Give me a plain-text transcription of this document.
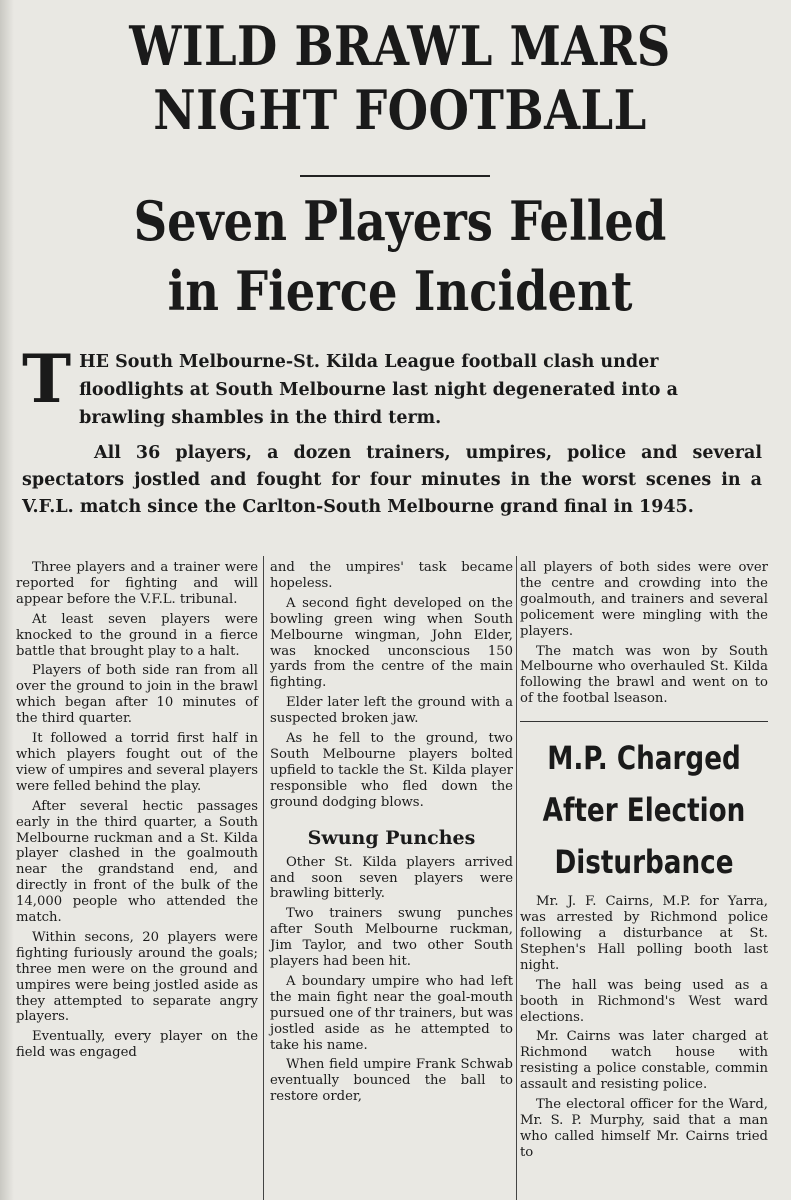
WILD BRAWL MARS
NIGHT FOOTBALL
Seven Players Felled
in Fierce Incident
T HE South Melbourne-St. Kilda League football clash under floodlights at South Melbourne last night degenerated into a brawling shambles in the third term.
All 36 players, a dozen trainers, umpires, police and several spectators jostled and fought for four minutes in the worst scenes in a V.F.L. match since the Carlton-South Melbourne grand final in 1945.

Three players and a trainer were reported for fighting and will appear before the V.F.L. tribunal.

At least seven players were knocked to the ground in a fierce battle that brought play to a halt.

Players of both side ran from all over the ground to join in the brawl which began after 10 minutes of the third quarter.

It followed a torrid first half in which players fought out of the view of umpires and several players were felled behind the play.

After several hectic passages early in the third quarter, a South Melbourne ruckman and a St. Kilda player clashed in the goalmouth near the grandstand end, and directly in front of the bulk of the 14,000 people who attended the match.

Within secons, 20 players were fighting furiously around the goals; three men were on the ground and umpires were being jostled aside as they attempted to separate angry players.

Eventually, every player on the field was engaged

and the umpires' task became hopeless.

A second fight developed on the bowling green wing when South Melbourne wingman, John Elder, was knocked unconscious 150 yards from the centre of the main fighting.

Elder later left the ground with a suspected broken jaw.

As he fell to the ground, two South Melbourne players bolted upfield to tackle the St. Kilda player responsible who fled down the ground dodging blows.

Swung Punches

Other St. Kilda players arrived and soon seven players were brawling bitterly.

Two trainers swung punches after South Melbourne ruckman, Jim Taylor, and two other South players had been hit.

A boundary umpire who had left the main fight near the goal-mouth pursued one of thr trainers, but was jostled aside as he attempted to take his name.

When field umpire Frank Schwab eventually bounced the ball to restore order,

all players of both sides were over the centre and crowding into the goalmouth, and trainers and several policement were mingling with the players.

The match was won by South Melbourne who overhauled St. Kilda following the brawl and went on to of the footbal lseason.

M.P. Charged
After Election
Disturbance

Mr. J. F. Cairns, M.P. for Yarra, was arrested by Richmond police following a disturbance at St. Stephen's Hall polling booth last night.

The hall was being used as a booth in Richmond's West ward elections.

Mr. Cairns was later charged at Richmond watch house with resisting a police constable, commin assault and resisting police.

The electoral officer for the Ward, Mr. S. P. Murphy, said that a man who called himself Mr. Cairns tried to
